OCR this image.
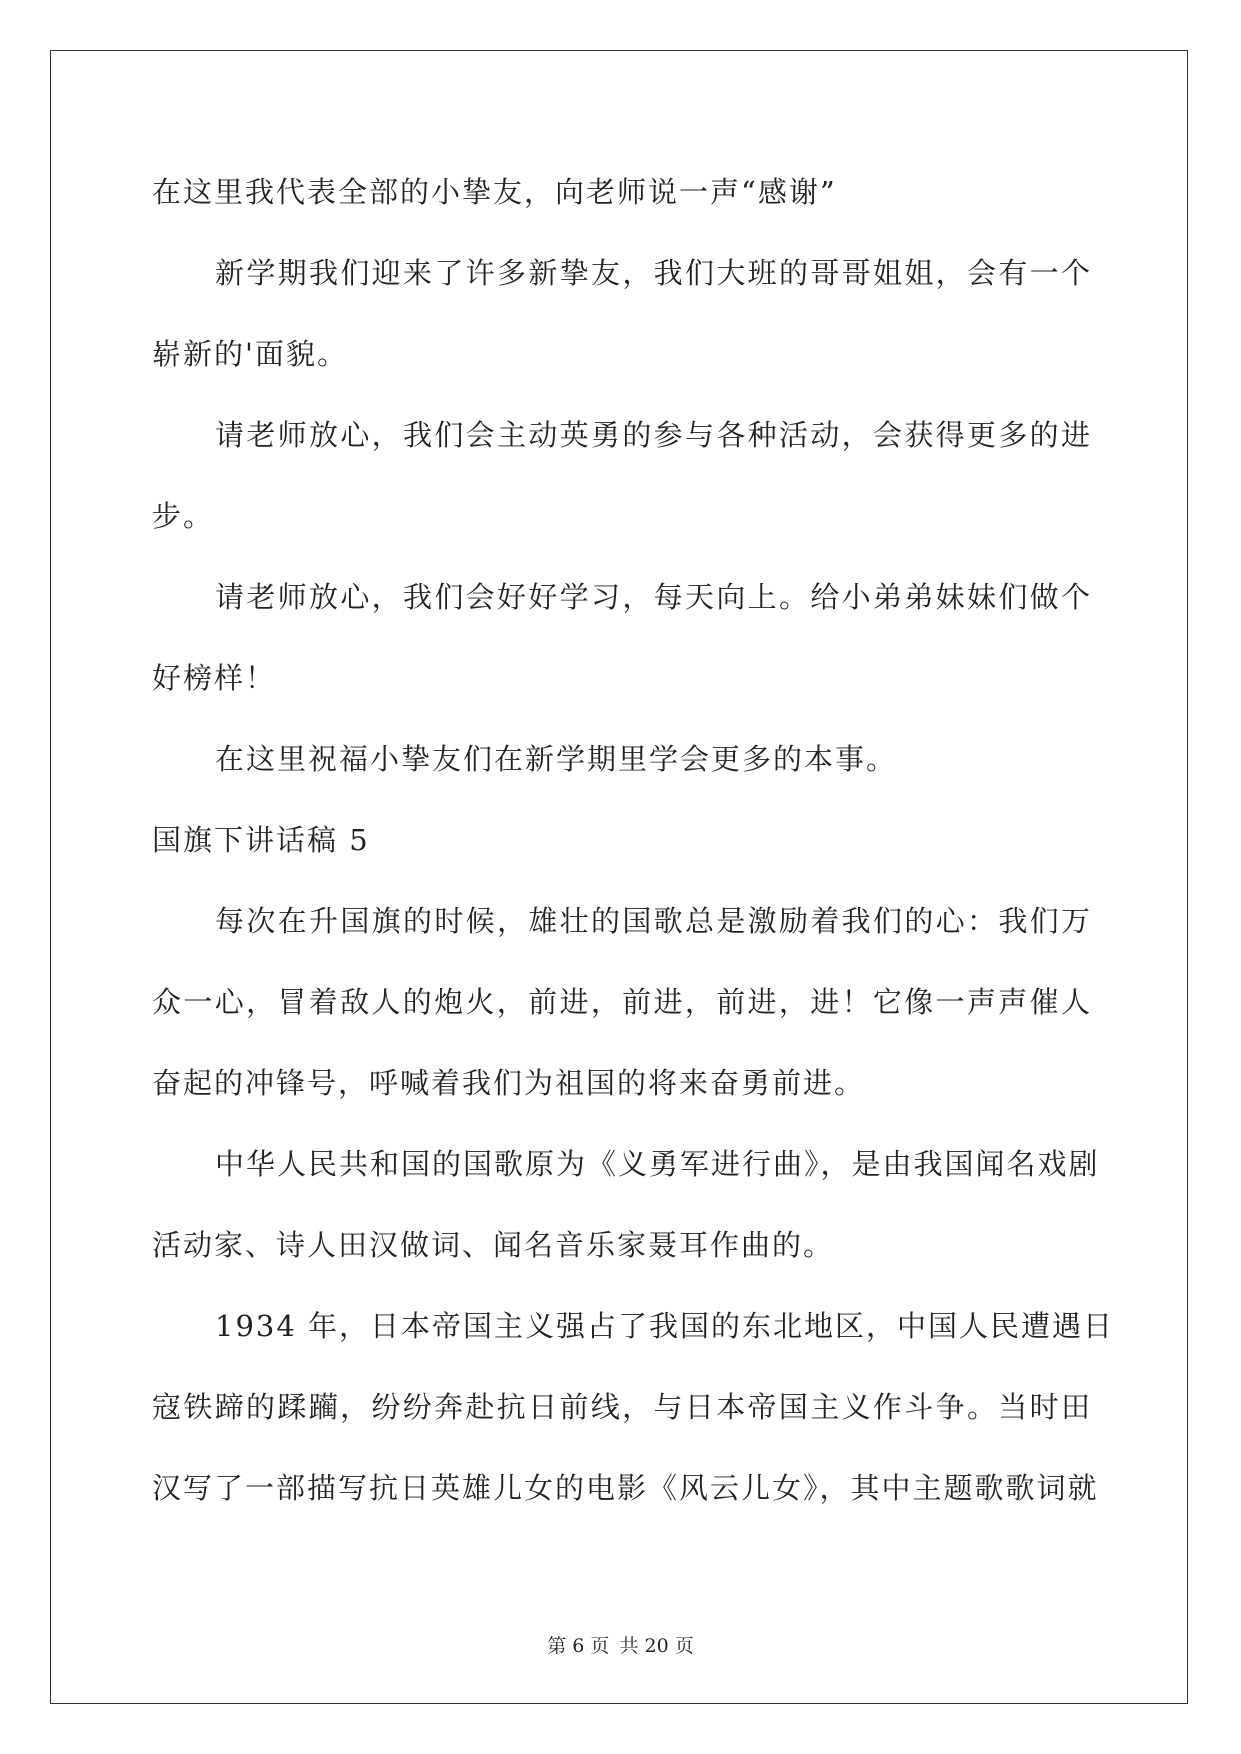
在这里我代表全部的小挚友，向老师说一声“感谢”
新学期我们迎来了许多新挚友，我们大班的哥哥姐姐，会有一个
崭新的'面貌。
请老师放心，我们会主动英勇的参与各种活动，会获得更多的进
步。
请老师放心，我们会好好学习，每天向上。给小弟弟妹妹们做个
好榜样！
在这里祝福小挚友们在新学期里学会更多的本事。
国旗下讲话稿 5
每次在升国旗的时候，雄壮的国歌总是激励着我们的心：我们万
众一心，冒着敌人的炮火，前进，前进，前进，进！它像一声声催人
奋起的冲锋号，呼喊着我们为祖国的将来奋勇前进。
中华人民共和国的国歌原为《义勇军进行曲》，是由我国闻名戏剧
活动家、诗人田汉做词、闻名音乐家聂耳作曲的。
1934 年，日本帝国主义强占了我国的东北地区，中国人民遭遇日
寇铁蹄的蹂躏，纷纷奔赴抗日前线，与日本帝国主义作斗争。当时田
汉写了一部描写抗日英雄儿女的电影《风云儿女》，其中主题歌歌词就
第 6 页 共 20 页
